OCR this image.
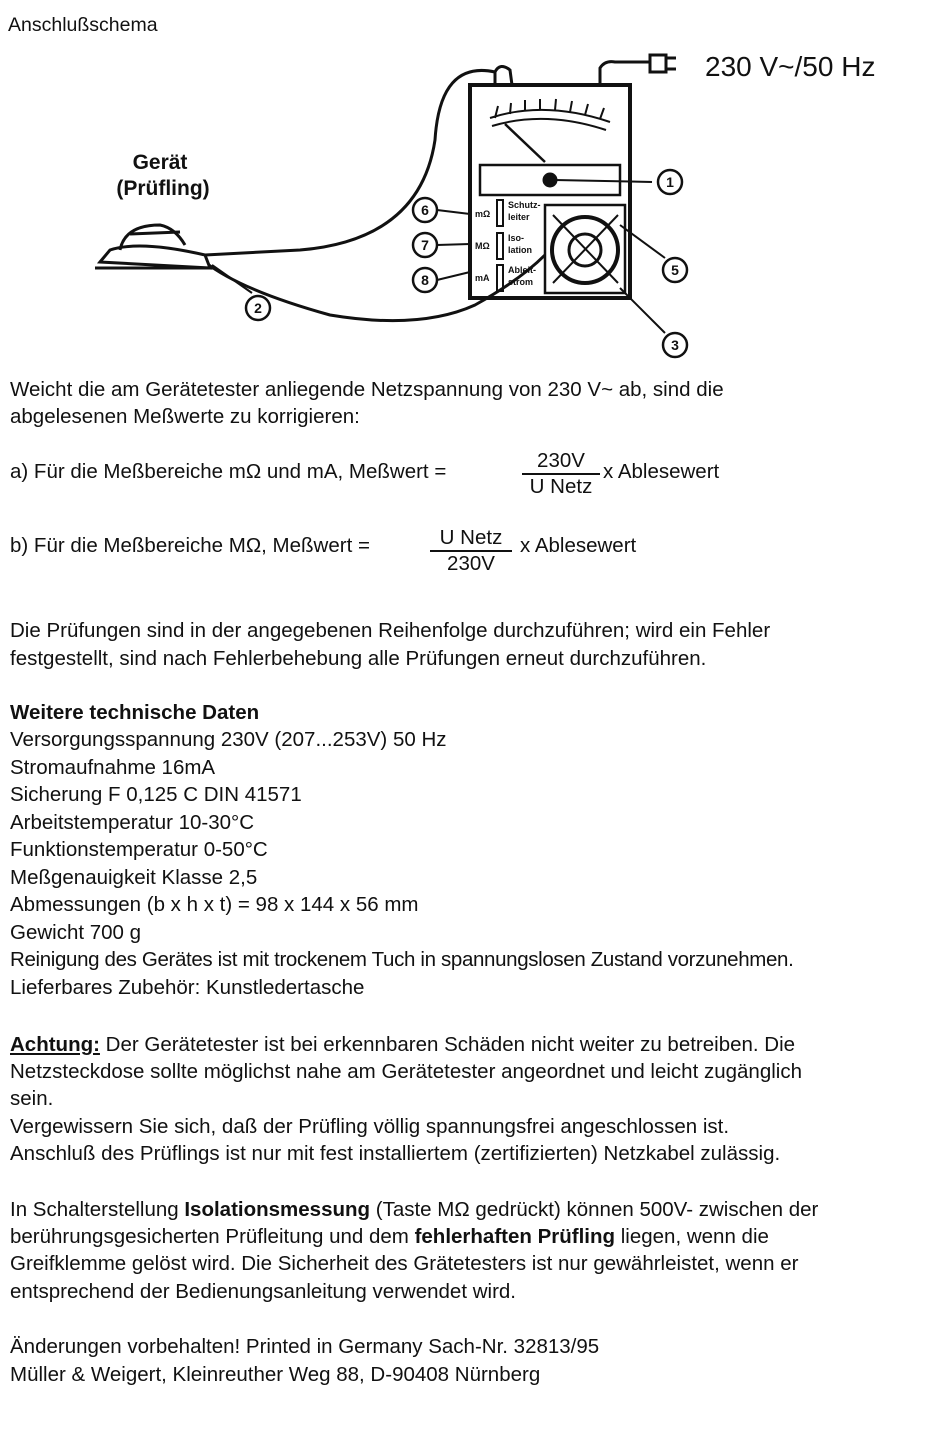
Anschlußschema
1
2
3
5
6
7
8
mΩ
Schutz-
leiter
MΩ
Iso-
lation
mA
Ableit-
strom
Gerät
(Prüfling)
230 V~/50 Hz
Weicht die am Gerätetester anliegende Netzspannung von 230 V~ ab, sind die
abgelesenen Meßwerte zu korrigieren:
a) Für die Meßbereiche mΩ und mA, Meßwert =	230V
U Netz
x Ablesewert
b) Für die Meßbereiche MΩ, Meßwert =	U Netz
230V
x Ablesewert
Die Prüfungen sind in der angegebenen Reihenfolge durchzuführen; wird ein Fehler
festgestellt, sind nach Fehlerbehebung alle Prüfungen erneut durchzuführen.
Weitere technische Daten
Versorgungsspannung 230V (207...253V) 50 Hz
Stromaufnahme 16mA
Sicherung F 0,125 C DIN 41571
Arbeitstemperatur 10-30°C
Funktionstemperatur 0-50°C
Meßgenauigkeit Klasse 2,5
Abmessungen (b x h x t) = 98 x 144 x 56 mm
Gewicht 700 g
Reinigung des Gerätes ist mit trockenem Tuch in spannungslosen Zustand vorzunehmen.
Lieferbares Zubehör: Kunstledertasche
Achtung: Der Gerätetester ist bei erkennbaren Schäden nicht weiter zu betreiben. Die
Netzsteckdose sollte möglichst nahe am Gerätetester angeordnet und leicht zugänglich
sein.
Vergewissern Sie sich, daß der Prüfling völlig spannungsfrei angeschlossen ist.
Anschluß des Prüflings ist nur mit fest installiertem (zertifizierten) Netzkabel zulässig.
In Schalterstellung Isolationsmessung (Taste MΩ gedrückt) können 500V- zwischen der
berührungsgesicherten Prüfleitung und dem fehlerhaften Prüfling liegen, wenn die
Greifklemme gelöst wird. Die Sicherheit des Grätetesters ist nur gewährleistet, wenn er
entsprechend der Bedienungsanleitung verwendet wird.
Änderungen vorbehalten! Printed in Germany Sach-Nr. 32813/95
Müller & Weigert, Kleinreuther Weg 88, D-90408 Nürnberg
